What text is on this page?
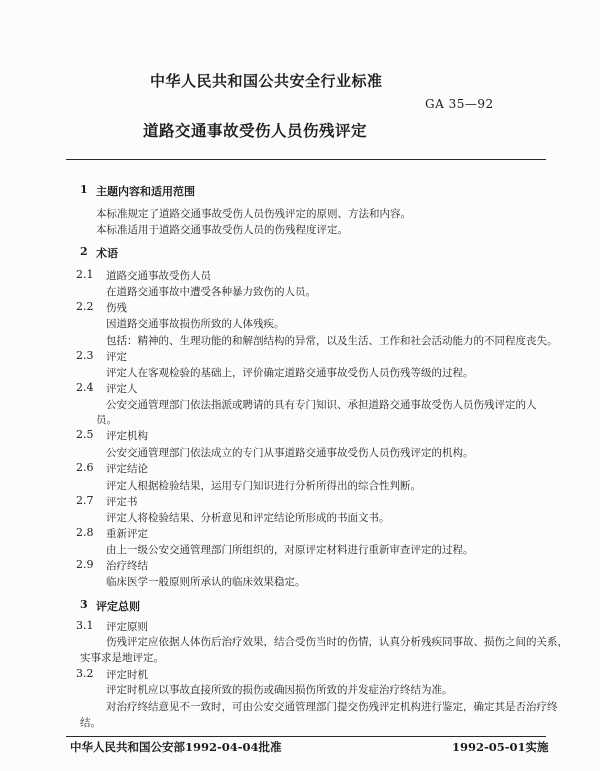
中华人民共和国公共安全行业标准
GA 35—92
道路交通事故受伤人员伤残评定
1 主题内容和适用范围
本标准规定了道路交通事故受伤人员伤残评定的原则、方法和内容。
本标准适用于道路交通事故受伤人员的伤残程度评定。
2 术语
2.1 道路交通事故受伤人员
在道路交通事故中遭受各种暴力致伤的人员。
2.2 伤残
因道路交通事故损伤所致的人体残疾。
包括：精神的、生理功能的和解剖结构的异常，以及生活、工作和社会活动能力的不同程度丧失。
2.3 评定
评定人在客观检验的基础上，评价确定道路交通事故受伤人员伤残等级的过程。
2.4 评定人
公安交通管理部门依法指派或聘请的具有专门知识、承担道路交通事故受伤人员伤残评定的人
员。
2.5 评定机构
公安交通管理部门依法成立的专门从事道路交通事故受伤人员伤残评定的机构。
2.6 评定结论
评定人根据检验结果，运用专门知识进行分析所得出的综合性判断。
2.7 评定书
评定人将检验结果、分析意见和评定结论所形成的书面文书。
2.8 重新评定
由上一级公安交通管理部门所组织的，对原评定材料进行重新审查评定的过程。
2.9 治疗终结
临床医学一般原则所承认的临床效果稳定。
3 评定总则
3.1 评定原则
伤残评定应依据人体伤后治疗效果，结合受伤当时的伤情，认真分析残疾同事故、损伤之间的关系，
实事求是地评定。
3.2 评定时机
评定时机应以事故直接所致的损伤或确因损伤所致的并发症治疗终结为准。
对治疗终结意见不一致时，可由公安交通管理部门提交伤残评定机构进行鉴定，确定其是否治疗终
结。
中华人民共和国公安部1992-04-04批准	1992-05-01实施
